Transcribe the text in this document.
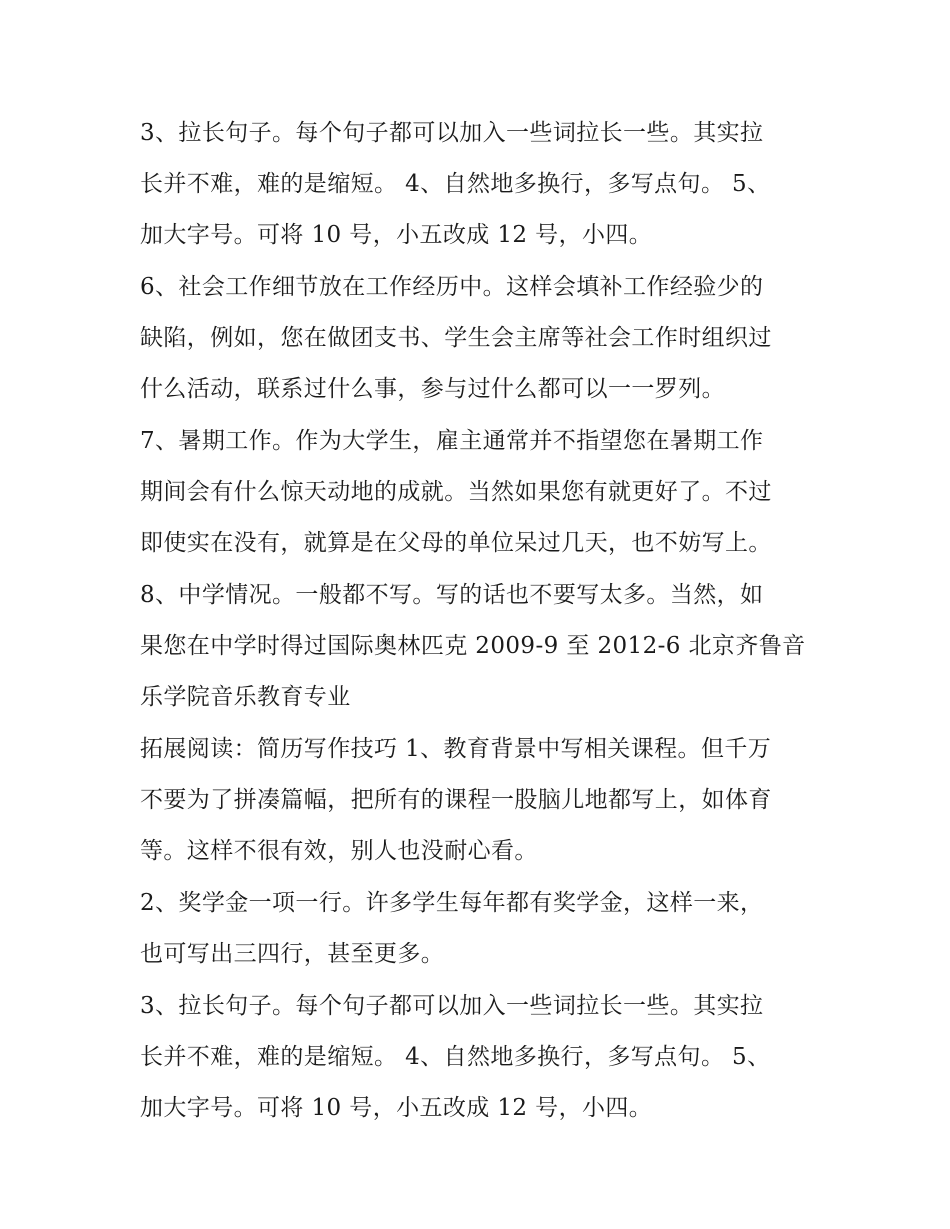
3、拉长句子。每个句子都可以加入一些词拉长一些。其实拉
长并不难，难的是缩短。 4、自然地多换行，多写点句。 5、
加大字号。可将 10 号，小五改成 12 号，小四。

6、社会工作细节放在工作经历中。这样会填补工作经验少的
缺陷，例如，您在做团支书、学生会主席等社会工作时组织过
什么活动，联系过什么事，参与过什么都可以一一罗列。

7、暑期工作。作为大学生，雇主通常并不指望您在暑期工作
期间会有什么惊天动地的成就。当然如果您有就更好了。不过
即使实在没有，就算是在父母的单位呆过几天，也不妨写上。

8、中学情况。一般都不写。写的话也不要写太多。当然，如
果您在中学时得过国际奥林匹克 2009-9 至 2012-6 北京齐鲁音
乐学院音乐教育专业

拓展阅读：简历写作技巧 1、教育背景中写相关课程。但千万
不要为了拼凑篇幅，把所有的课程一股脑儿地都写上，如体育
等。这样不很有效，别人也没耐心看。

2、奖学金一项一行。许多学生每年都有奖学金，这样一来，
也可写出三四行，甚至更多。

3、拉长句子。每个句子都可以加入一些词拉长一些。其实拉
长并不难，难的是缩短。 4、自然地多换行，多写点句。 5、
加大字号。可将 10 号，小五改成 12 号，小四。
